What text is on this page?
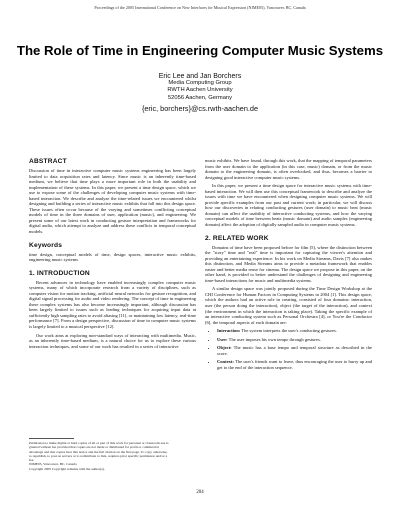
Proceedings of the 2005 International Conference on New Interfaces for Musical Expression (NIME05), Vancouver, BC, Canada
The Role of Time in Engineering Computer Music Systems
Eric Lee and Jan Borchers
Media Computing Group
RWTH Aachen University
52056 Aachen, Germany
{eric, borchers}@cs.rwth-aachen.de
ABSTRACT

Discussion of time in interactive computer music systems engineering has been largely limited to data acquisition rates and latency. Since music is an inherently time-based medium, we believe that time plays a more important role in both the usability and implementation of these systems. In this paper, we present a time design space, which we use to expose some of the challenges of developing computer music systems with time-based interaction. We describe and analyze the time-related issues we encountered whilst designing and building a series of interactive music exhibits that fall into this design space. These issues often occur because of the varying and sometimes conflicting conceptual models of time in the three domains of user, application (music), and engineering. We present some of our latest work in conducting gesture interpretation and frameworks for digital audio, which attempt to analyze and address these conflicts in temporal conceptual models.

Keywords

time design, conceptual models of time, design spaces, interactive music exhibits, engineering music systems

1. INTRODUCTION

Recent advances in technology have enabled increasingly complex computer music systems, many of which incorporate research from a variety of disciplines, such as computer vision for motion tracking, artificial neural networks for gesture recognition, and digital signal processing for audio and video rendering. The concept of time in engineering these complex systems has also become increasingly important, although discussion has been largely limited to issues such as leading techniques for acquiring input data at sufficiently high sampling rates to avoid aliasing [11], or maintaining low latency, real-time performance [7]. From a design perspective, discussion of time in computer music systems is largely limited to a musical perspective [12].

Our work aims at exploring non-standard ways of interacting with multimedia. Music, as an inherently time-based medium, is a natural choice for us to explore these various interaction techniques, and some of our work has resulted in a series of interactive

music exhibits. We have found, through this work, that the mapping of temporal parameters from the user domain to the application (in this case, music) domain, or from the music domain to the engineering domain, is often overlooked, and thus, becomes a barrier to designing good interactive computer music systems.

In this paper, we present a time design space for interactive music systems with time-based interaction. We will then use this conceptual framework to describe and analyze the issues with time we have encountered when designing computer music systems. We will provide specific examples from our past and current work; in particular, we will discuss how our discoveries in relating conducting gestures (user domain) to music beat (music domain) can affect the usability of interactive conducting systems, and how the varying conceptual models of time between beats (music domain) and audio samples (engineering domain) affect the adoption of digitally sampled audio in computer music systems.

2. RELATED WORK

Domains of time have been proposed before for film [5], where the distinction between the "story" time and "real" time is important for capturing the viewer's attention and providing an entertaining experience. In his work on Media Streams, Davis [7] also makes this distinction, and Media Streams aims to provide a metadata framework that enables easier and better media reuse for cinema. The design space we propose in this paper, on the other hand, is provided to better understand the challenges of designing and engineering time-based interactions for music and multimedia systems.

A similar design space was jointly proposed during the Time Design Workshop at the CHI Conference for Human Factors in Computing Systems in 2004 [1]. This design space, which the authors had an active role in creating, consisted of four domains: interaction, user (the person doing the interaction), object (the target of the interaction), and context (the environment in which the interaction is taking place). Taking the specific example of an interactive conducting system such as Personal Orchestra [4], or You're the Conductor [6], the temporal aspects of each domain are:

• Interaction: The system interprets the user's conducting gestures.
• User: The user imposes his own tempo through gestures.
• Object: The music has a base tempo and temporal structure as described in the score.
• Context: The user's friends want to leave, thus encouraging the user to hurry up and get to the end of the interaction sequence.
Permission to make digital or hard copies of all or part of this work for personal or classroom use is granted without fee provided that copies are not made or distributed for profit or commercial advantage and that copies bear this notice and the full citation on the first page. To copy otherwise, to republish, to post on servers or to redistribute to lists, requires prior specific permission and/or a fee.
NIME05, Vancouver, BC, Canada
Copyright 2005 Copyright remains with the author(s).
204
